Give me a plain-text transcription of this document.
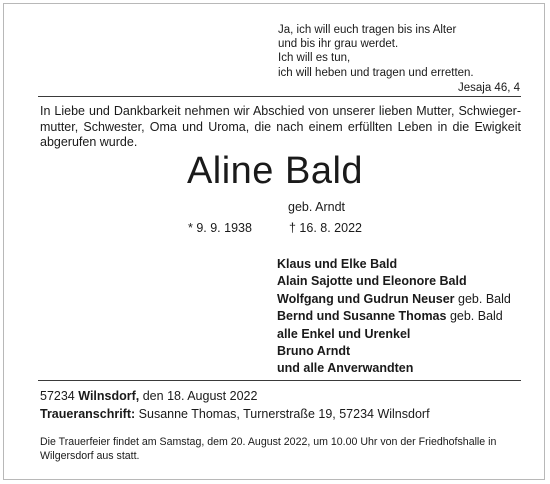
Ja, ich will euch tragen bis ins Alter
und bis ihr grau werdet.
Ich will es tun,
ich will heben und tragen und erretten.
Jesaja 46, 4
In Liebe und Dankbarkeit nehmen wir Abschied von unserer lieben Mutter, Schwieger-
mutter, Schwester, Oma und Uroma, die nach einem erfüllten Leben in die Ewigkeit
abgerufen wurde.
Aline Bald
geb. Arndt
* 9. 9. 1938	† 16. 8. 2022
Klaus und Elke Bald
Alain Sajotte und Eleonore Bald
Wolfgang und Gudrun Neuser geb. Bald
Bernd und Susanne Thomas geb. Bald
alle Enkel und Urenkel
Bruno Arndt
und alle Anverwandten
57234 Wilnsdorf, den 18. August 2022
Traueranschrift: Susanne Thomas, Turnerstraße 19, 57234 Wilnsdorf
Die Trauerfeier findet am Samstag, dem 20. August 2022, um 10.00 Uhr von der Friedhofshalle in
Wilgersdorf aus statt.
